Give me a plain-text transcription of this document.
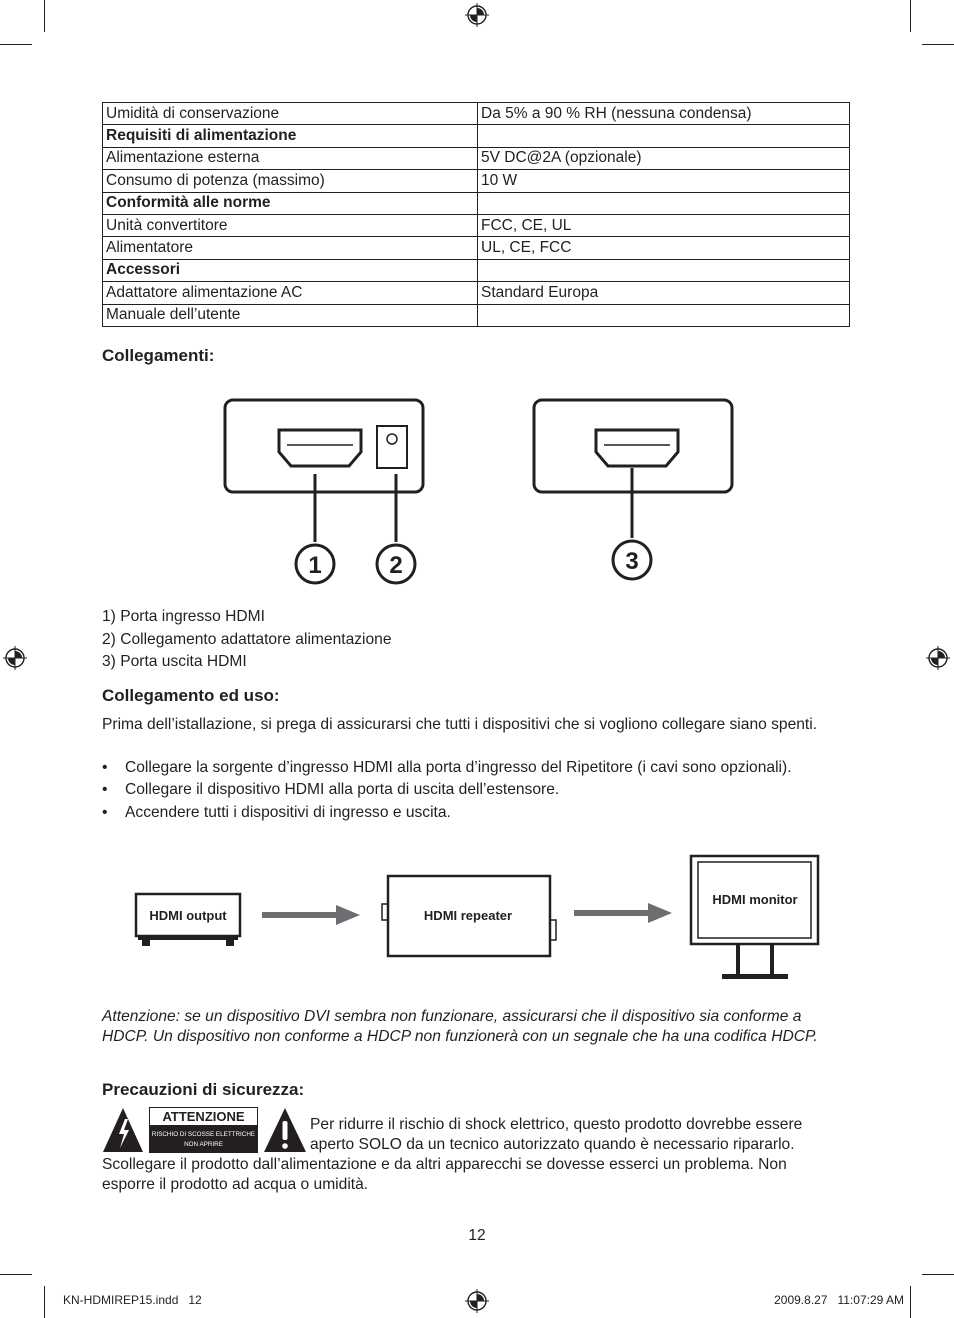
Umidità di conservazione	Da 5% a 90 % RH (nessuna condensa)
Requisiti di alimentazione	
Alimentazione esterna	5V DC@2A (opzionale)
Consumo di potenza (massimo)	10 W
Conformità alle norme	
Unità convertitore	FCC, CE, UL
Alimentatore	UL, CE, FCC
Accessori	
Adattatore alimentazione AC	Standard Europa
Manuale dell’utente	
Collegamenti:
1	2	3
1) Porta ingresso HDMI
2) Collegamento adattatore alimentazione
3) Porta uscita HDMI
Collegamento ed uso:
Prima dell’istallazione, si prega di assicurarsi che tutti i dispositivi che si vogliono collegare siano spenti.
• Collegare la sorgente d’ingresso HDMI alla porta d’ingresso del Ripetitore (i cavi sono opzionali).
• Collegare il dispositivo HDMI alla porta di uscita dell’estensore.
• Accendere tutti i dispositivi di ingresso e uscita.
HDMI output	HDMI repeater
HDMI monitor
Attenzione: se un dispositivo DVI sembra non funzionare, assicurarsi che il dispositivo sia conforme a HDCP. Un dispositivo non conforme a HDCP non funzionerà con un segnale che ha una codifica HDCP.
Precauzioni di sicurezza:
ATTENZIONE
RISCHIO DI SCOSSE ELETTRICHE
NON APRIRE
Per ridurre il rischio di shock elettrico, questo prodotto dovrebbe essere
aperto SOLO da un tecnico autorizzato quando è necessario ripararlo.
Scollegare il prodotto dall’alimentazione e da altri apparecchi se dovesse esserci un problema. Non esporre il prodotto ad acqua o umidità.
12
KN-HDMIREP15.indd   12	2009.8.27   11:07:29 AM
